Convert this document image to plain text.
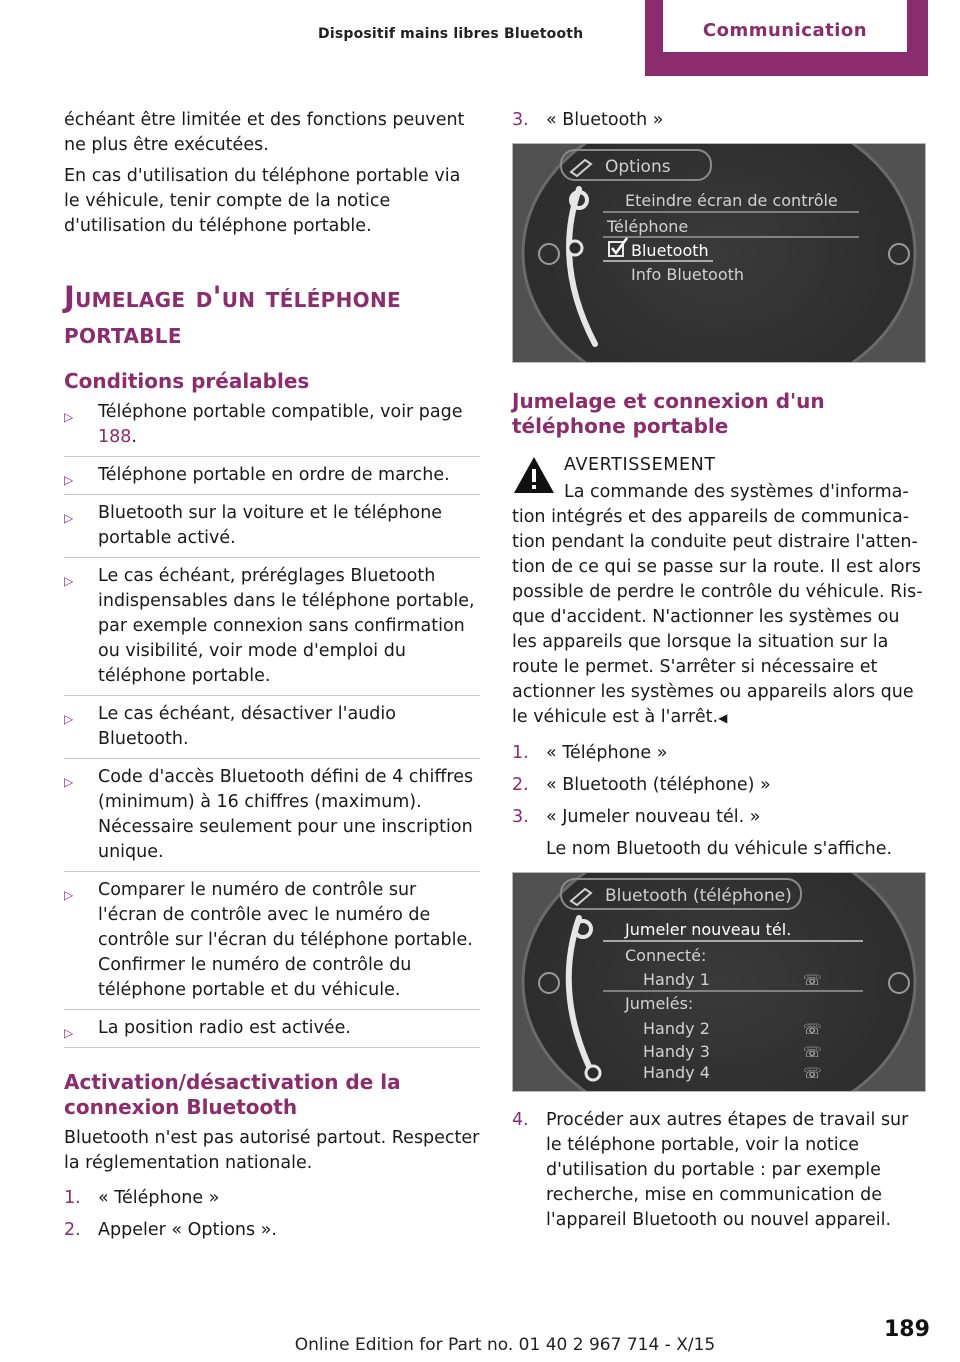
Dispositif mains libres Bluetooth	Communication

échéant être limitée et des fonctions peuvent ne plus être exécutées.

En cas d'utilisation du téléphone portable via le véhicule, tenir compte de la notice d'utilisation du téléphone portable.

Jumelage d'un téléphone portable
Conditions préalables
▷ Téléphone portable compatible, voir page 188.
▷ Téléphone portable en ordre de marche.
▷ Bluetooth sur la voiture et le téléphone portable activé.
▷ Le cas échéant, préréglages Bluetooth indispensables dans le téléphone portable, par exemple connexion sans confirmation ou visibilité, voir mode d'emploi du téléphone portable.
▷ Le cas échéant, désactiver l'audio Bluetooth.
▷ Code d'accès Bluetooth défini de 4 chiffres (minimum) à 16 chiffres (maximum). Nécessaire seulement pour une inscription unique.
▷ Comparer le numéro de contrôle sur l'écran de contrôle avec le numéro de contrôle sur l'écran du téléphone portable. Confirmer le numéro de contrôle du téléphone portable et du véhicule.
▷ La position radio est activée.
Activation/désactivation de la connexion Bluetooth

Bluetooth n'est pas autorisé partout. Respecter la réglementation nationale.

1. « Téléphone »
2. Appeler « Options ».
3. « Bluetooth »
Options
Eteindre écran de contrôle
Téléphone
Bluetooth
Info Bluetooth
Jumelage et connexion d'un téléphone portable
AVERTISSEMENT
La commande des systèmes d'information intégrés et des appareils de communication pendant la conduite peut distraire l'attention de ce qui se passe sur la route. Il est alors possible de perdre le contrôle du véhicule. Risque d'accident. N'actionner les systèmes ou les appareils que lorsque la situation sur la route le permet. S'arrêter si nécessaire et actionner les systèmes ou appareils alors que le véhicule est à l'arrêt.◀
1. « Téléphone »
2. « Bluetooth (téléphone) »
3. « Jumeler nouveau tél. »
Le nom Bluetooth du véhicule s'affiche.
Bluetooth (téléphone)
Jumeler nouveau tél.
Connecté:
Handy 1	☏
Jumelés:
Handy 2	☏
Handy 3	☏
Handy 4	☏
4. Procéder aux autres étapes de travail sur le téléphone portable, voir la notice d'utilisation du portable : par exemple recherche, mise en communication de l'appareil Bluetooth ou nouvel appareil.
189
Online Edition for Part no. 01 40 2 967 714 - X/15
